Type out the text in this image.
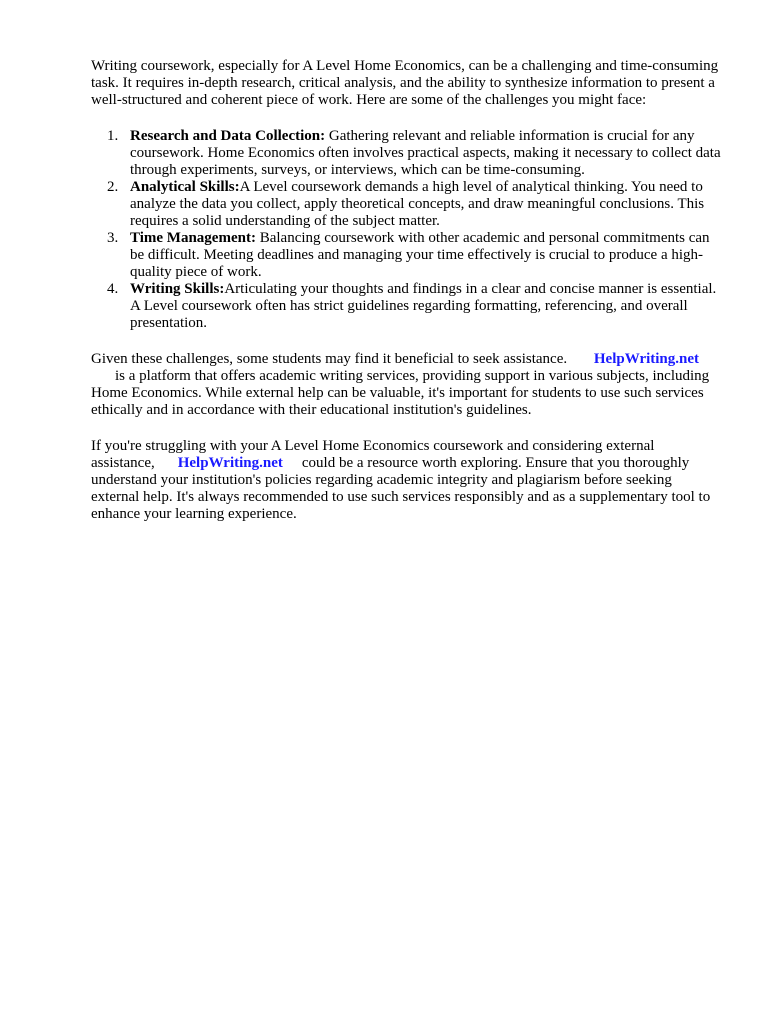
Writing coursework, especially for A Level Home Economics, can be a challenging and time-consuming task. It requires in-depth research, critical analysis, and the ability to synthesize information to present a well-structured and coherent piece of work. Here are some of the challenges you might face:

1. Research and Data Collection: Gathering relevant and reliable information is crucial for any coursework. Home Economics often involves practical aspects, making it necessary to collect data through experiments, surveys, or interviews, which can be time-consuming.
2. Analytical Skills:A Level coursework demands a high level of analytical thinking. You need to analyze the data you collect, apply theoretical concepts, and draw meaningful conclusions. This requires a solid understanding of the subject matter.
3. Time Management: Balancing coursework with other academic and personal commitments can be difficult. Meeting deadlines and managing your time effectively is crucial to produce a high-quality piece of work.
4. Writing Skills:Articulating your thoughts and findings in a clear and concise manner is essential. A Level coursework often has strict guidelines regarding formatting, referencing, and overall presentation.

Given these challenges, some students may find it beneficial to seek assistance. HelpWriting.net
is a platform that offers academic writing services, providing support in various subjects, including Home Economics. While external help can be valuable, it's important for students to use such services ethically and in accordance with their educational institution's guidelines.

If you're struggling with your A Level Home Economics coursework and considering external assistance, HelpWriting.net could be a resource worth exploring. Ensure that you thoroughly understand your institution's policies regarding academic integrity and plagiarism before seeking external help. It's always recommended to use such services responsibly and as a supplementary tool to enhance your learning experience.
